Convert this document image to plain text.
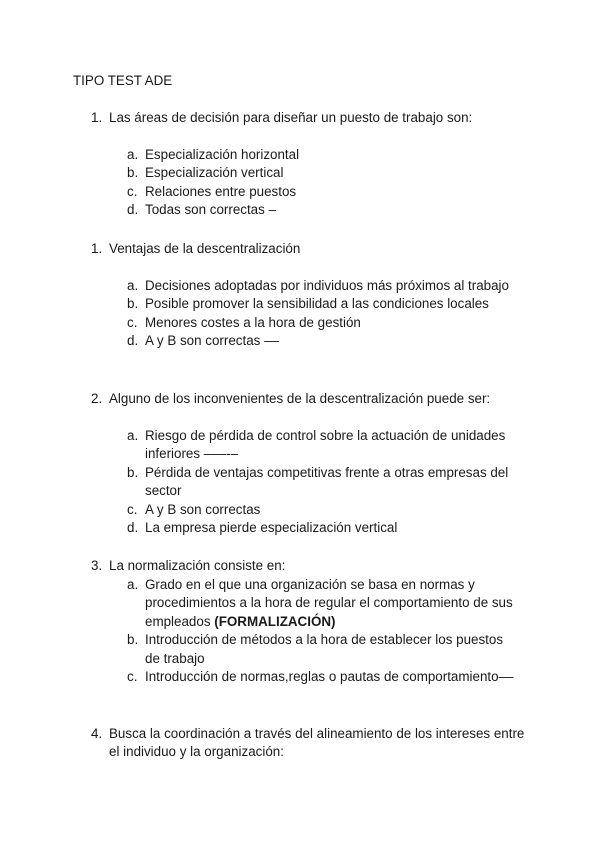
TIPO TEST ADE
1. Las áreas de decisión para diseñar un puesto de trabajo son:
a. Especialización horizontal
b. Especialización vertical
c. Relaciones entre puestos
d. Todas son correctas –
1. Ventajas de la descentralización
a. Decisiones adoptadas por individuos más próximos al trabajo
b. Posible promover la sensibilidad a las condiciones locales
c. Menores costes a la hora de gestión
d. A y B son correctas ––
2. Alguno de los inconvenientes de la descentralización puede ser:
a. Riesgo de pérdida de control sobre la actuación de unidades inferiores –––-–
b. Pérdida de ventajas competitivas frente a otras empresas del sector
c. A y B son correctas
d. La empresa pierde especialización vertical
3. La normalización consiste en:
a. Grado en el que una organización se basa en normas y procedimientos a la hora de regular el comportamiento de sus empleados (FORMALIZACIÓN)
b. Introducción de métodos a la hora de establecer los puestos de trabajo
c. Introducción de normas,reglas o pautas de comportamiento––
4. Busca la coordinación a través del alineamiento de los intereses entre el individuo y la organización:
